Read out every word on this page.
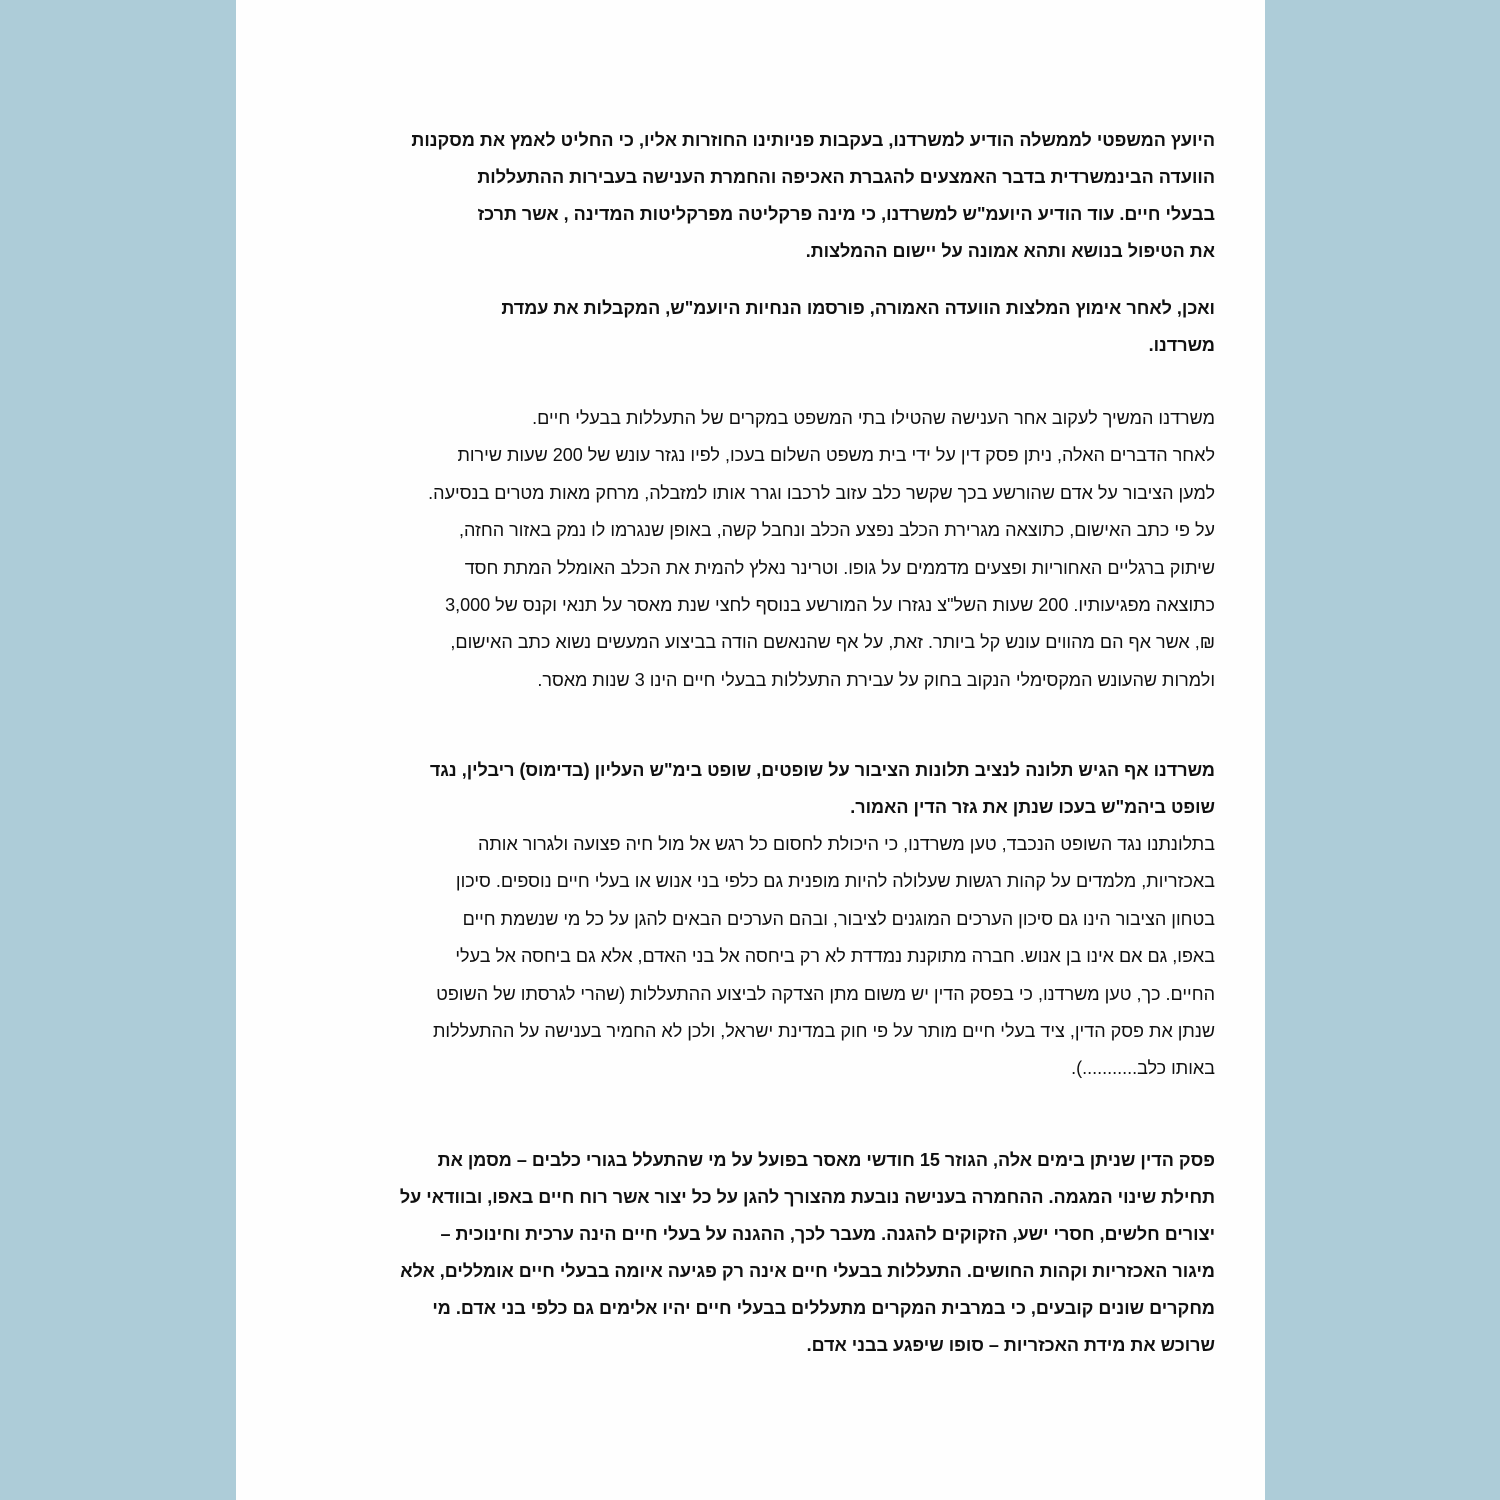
היועץ המשפטי לממשלה הודיע למשרדנו, בעקבות פניותינו החוזרות אליו, כי החליט לאמץ את מסקנות
הוועדה הבינמשרדית בדבר האמצעים להגברת האכיפה והחמרת הענישה בעבירות ההתעללות
בבעלי חיים. עוד הודיע היועמ"ש למשרדנו, כי מינה פרקליטה מפרקליטות המדינה , אשר תרכז
את הטיפול בנושא ותהא אמונה על יישום ההמלצות.

ואכן, לאחר אימוץ המלצות הוועדה האמורה, פורסמו הנחיות היועמ"ש, המקבלות את עמדת
משרדנו.

משרדנו המשיך לעקוב אחר הענישה שהטילו בתי המשפט במקרים של התעללות בבעלי חיים.
לאחר הדברים האלה, ניתן פסק דין על ידי בית משפט השלום בעכו, לפיו נגזר עונש של 200 שעות שירות
למען הציבור על אדם שהורשע בכך שקשר כלב עזוב לרכבו וגרר אותו למזבלה, מרחק מאות מטרים בנסיעה.
על פי כתב האישום, כתוצאה מגרירת הכלב נפצע הכלב ונחבל קשה, באופן שנגרמו לו נמק באזור החזה,
שיתוק ברגליים האחוריות ופצעים מדממים על גופו. וטרינר נאלץ להמית את הכלב האומלל המתת חסד
כתוצאה מפגיעותיו. 200 שעות השל"צ נגזרו על המורשע בנוסף לחצי שנת מאסר על תנאי וקנס של 3,000
₪, אשר אף הם מהווים עונש קל ביותר. זאת, על אף שהנאשם הודה בביצוע המעשים נשוא כתב האישום,
ולמרות שהעונש המקסימלי הנקוב בחוק על עבירת התעללות בבעלי חיים הינו 3 שנות מאסר.

משרדנו אף הגיש תלונה לנציב תלונות הציבור על שופטים, שופט בימ"ש העליון (בדימוס) ריבלין, נגד
שופט ביהמ"ש בעכו שנתן את גזר הדין האמור.

בתלונתנו נגד השופט הנכבד, טען משרדנו, כי היכולת לחסום כל רגש אל מול חיה פצועה ולגרור אותה
באכזריות, מלמדים על קהות רגשות שעלולה להיות מופנית גם כלפי בני אנוש או בעלי חיים נוספים. סיכון
בטחון הציבור הינו גם סיכון הערכים המוגנים לציבור, ובהם הערכים הבאים להגן על כל מי שנשמת חיים
באפו, גם אם אינו בן אנוש. חברה מתוקנת נמדדת לא רק ביחסה אל בני האדם, אלא גם ביחסה אל בעלי
החיים. כך, טען משרדנו, כי בפסק הדין יש משום מתן הצדקה לביצוע ההתעללות (שהרי לגרסתו של השופט
שנתן את פסק הדין, ציד בעלי חיים מותר על פי חוק במדינת ישראל, ולכן לא החמיר בענישה על ההתעללות
באותו כלב...........).

פסק הדין שניתן בימים אלה, הגוזר 15 חודשי מאסר בפועל על מי שהתעלל בגורי כלבים – מסמן את
תחילת שינוי המגמה. ההחמרה בענישה נובעת מהצורך להגן על כל יצור אשר רוח חיים באפו, ובוודאי על
יצורים חלשים, חסרי ישע, הזקוקים להגנה. מעבר לכך, ההגנה על בעלי חיים הינה ערכית וחינוכית –
מיגור האכזריות וקהות החושים. התעללות בבעלי חיים אינה רק פגיעה איומה בבעלי חיים אומללים, אלא
מחקרים שונים קובעים, כי במרבית המקרים מתעללים בבעלי חיים יהיו אלימים גם כלפי בני אדם. מי
שרוכש את מידת האכזריות – סופו שיפגע בבני אדם.
